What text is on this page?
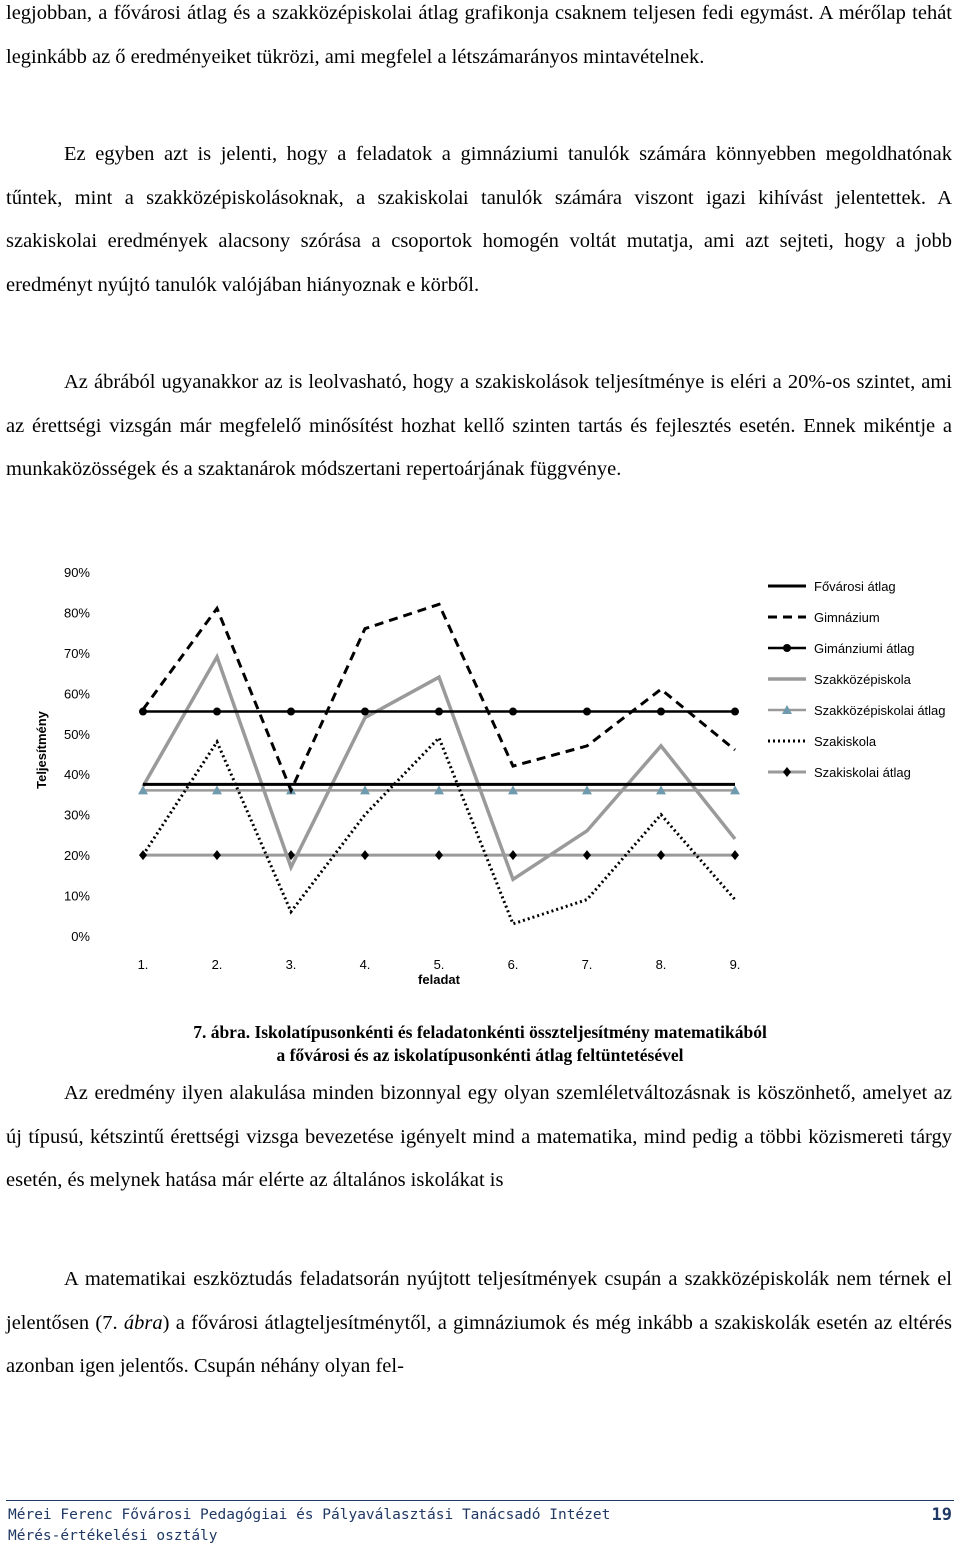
legjobban, a fővárosi átlag és a szakközépiskolai átlag grafikonja csaknem teljesen fedi egymást. A mérőlap tehát leginkább az ő eredményeiket tükrözi, ami megfelel a létszámarányos mintavételnek.

Ez egyben azt is jelenti, hogy a feladatok a gimnáziumi tanulók számára könnyebben megoldhatónak tűntek, mint a szakközépiskolásoknak, a szakiskolai tanulók számára viszont igazi kihívást jelentettek. A szakiskolai eredmények alacsony szórása a csoportok homogén voltát mutatja, ami azt sejteti, hogy a jobb eredményt nyújtó tanulók valójában hiányoznak e körből.

Az ábrából ugyanakkor az is leolvasható, hogy a szakiskolások teljesítménye is eléri a 20%-os szintet, ami az érettségi vizsgán már megfelelő minősítést hozhat kellő szinten tartás és fejlesztés esetén. Ennek mikéntje a munkaközösségek és a szaktanárok módszertani repertoárjának függvénye.

0%
10%
20%
30%
40%
50%
60%
70%
80%
90%
1.	2.	3.	4.	5.	6.	7.	8.	9.
Teljesítmény
feladat
Fővárosi átlag
Gimnázium
Gimánziumi átlag
Szakközépiskola
Szakközépiskolai átlag
Szakiskola
Szakiskolai átlag

7. ábra. Iskolatípusonkénti és feladatonkénti összteljesítmény matematikából

a fővárosi és az iskolatípusonkénti átlag feltüntetésével

Az eredmény ilyen alakulása minden bizonnyal egy olyan szemléletváltozásnak is köszönhető, amelyet az új típusú, kétszintű érettségi vizsga bevezetése igényelt mind a matematika, mind pedig a többi közismereti tárgy esetén, és melynek hatása már elérte az általános iskolákat is

A matematikai eszköztudás feladatsorán nyújtott teljesítmények csupán a szakközépiskolák nem térnek el jelentősen (7. ábra) a fővárosi átlagteljesítménytől, a gimnáziumok és még inkább a szakiskolák esetén az eltérés azonban igen jelentős. Csupán néhány olyan fel-

Mérei Ferenc Fővárosi Pedagógiai és Pályaválasztási Tanácsadó Intézet
Mérés-értékelési osztály
19
